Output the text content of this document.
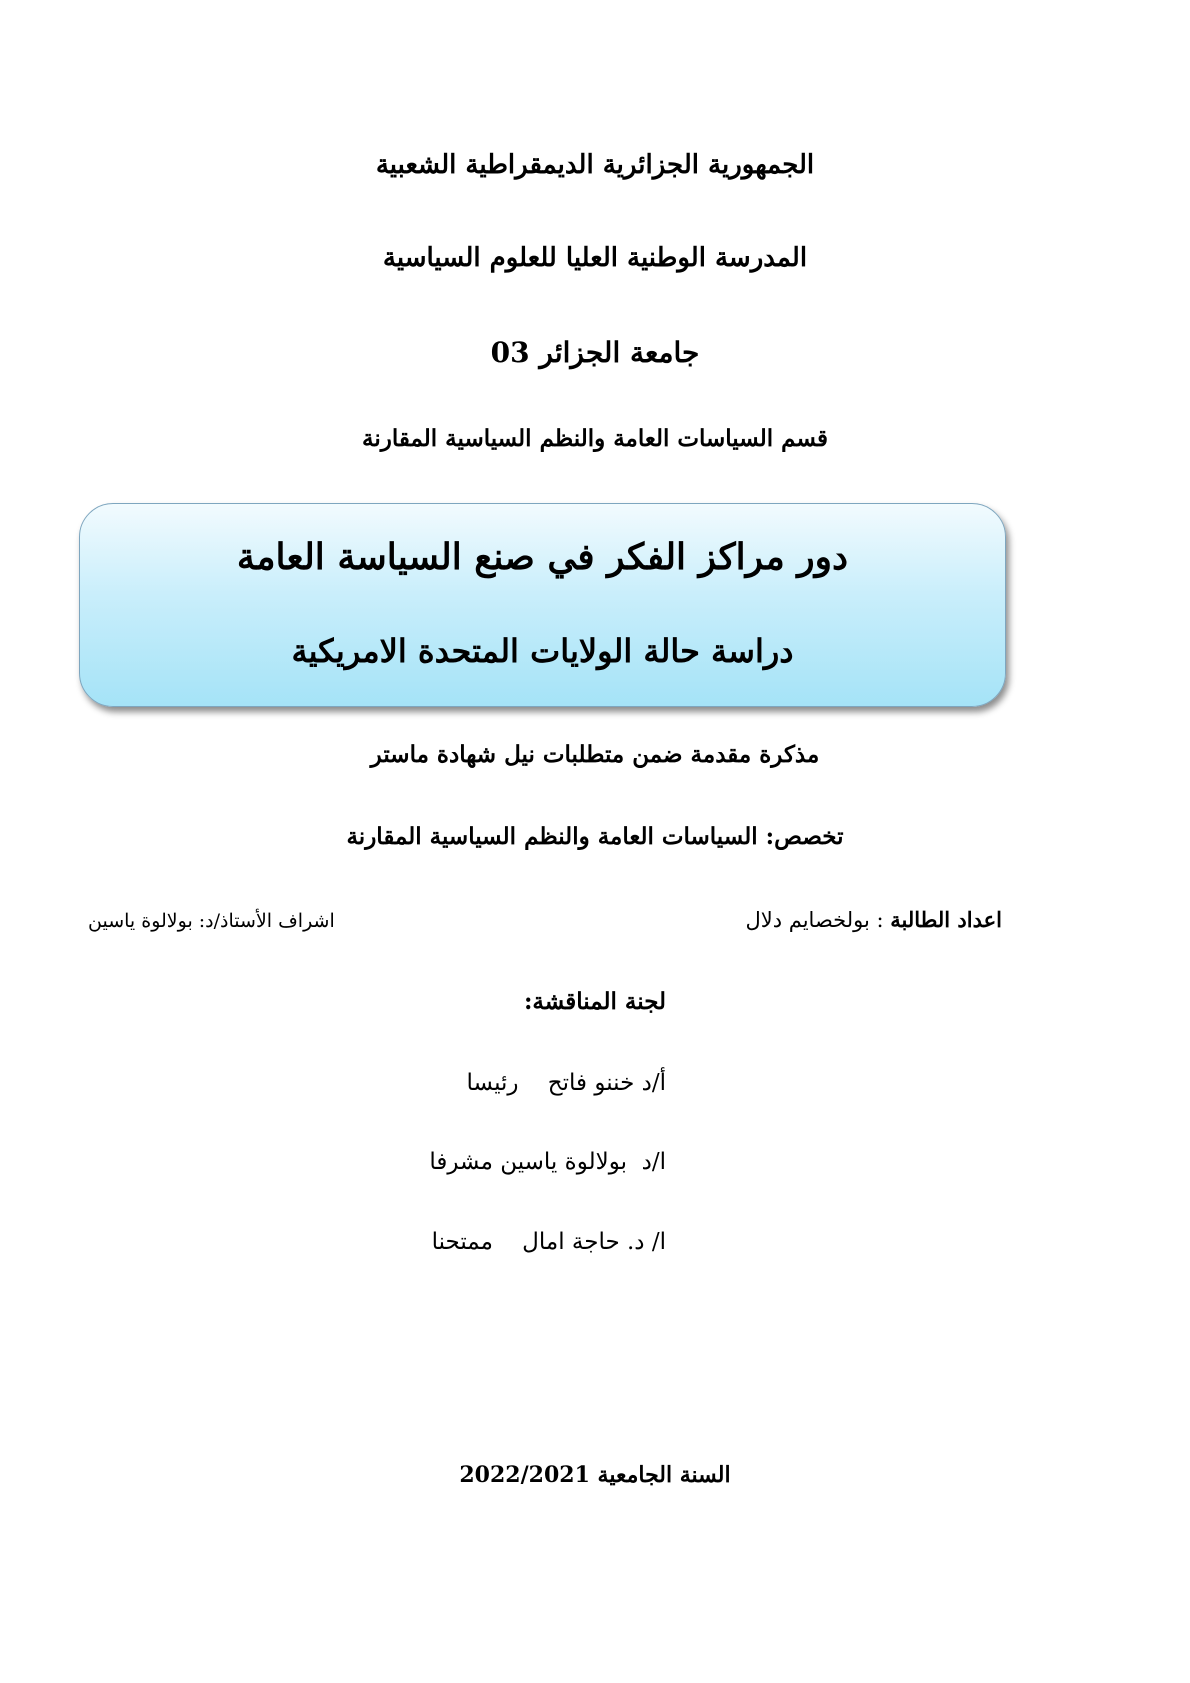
الجمهورية الجزائرية الديمقراطية الشعبية
المدرسة الوطنية العليا للعلوم السياسية
جامعة الجزائر 03
قسم السياسات العامة والنظم السياسية المقارنة
دور مراكز الفكر في صنع السياسة العامة
دراسة حالة الولايات المتحدة الامريكية
مذكرة مقدمة ضمن متطلبات نيل شهادة ماستر
تخصص: السياسات العامة والنظم السياسية المقارنة
اعداد الطالبة : بولخصايم دلال
اشراف الأستاذ/د: بولالوة ياسين
لجنة المناقشة:
أ/د خننو فاتح    رئيسا
ا/د  بولالوة ياسين مشرفا
ا/ د. حاجة امال    ممتحنا
السنة الجامعية 2022/2021
